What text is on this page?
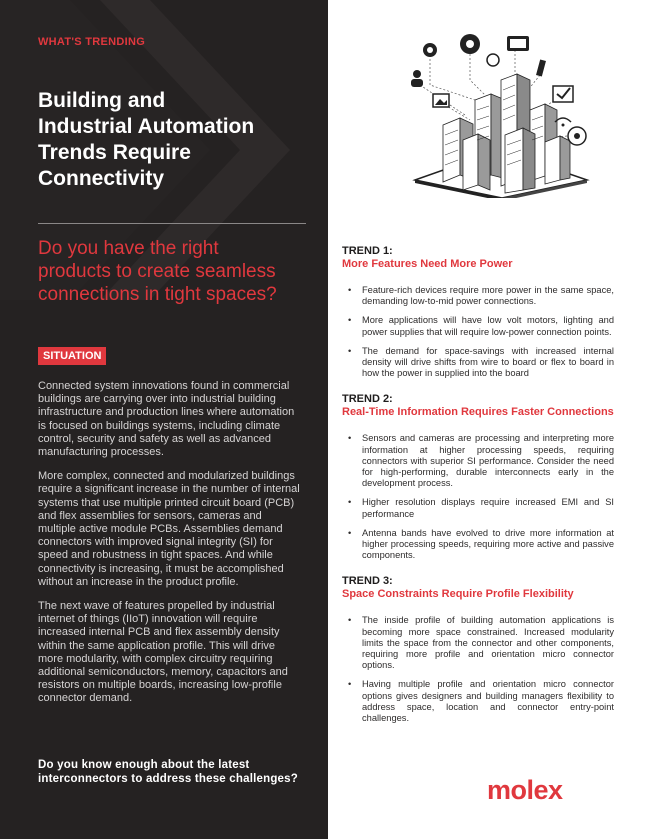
WHAT'S TRENDING
Building and
Industrial Automation
Trends Require
Connectivity
Do you have the right
products to create seamless
connections in tight spaces?
SITUATION

Connected system innovations found in commercial buildings are carrying over into industrial building infrastructure and production lines where automation is focused on buildings systems, including climate control, security and safety as well as advanced manufacturing processes.

More complex, connected and modularized buildings require a significant increase in the number of internal systems that use multiple printed circuit board (PCB) and flex assemblies for sensors, cameras and multiple active module PCBs. Assemblies demand connectors with improved signal integrity (SI) for speed and robustness in tight spaces. And while connectivity is increasing, it must be accomplished without an increase in the product profile.

The next wave of features propelled by industrial internet of things (IIoT) innovation will require increased internal PCB and flex assembly density within the same application profile. This will drive more modularity, with complex circuitry requiring additional semiconductors, memory, capacitors and resistors on multiple boards, increasing low-profile connector demand.

Do you know enough about the latest interconnectors to address these challenges?
TREND 1:
More Features Need More Power
• Feature-rich devices require more power in the same space, demanding low-to-mid power connections.
• More applications will have low volt motors, lighting and power supplies that will require low-power connection points.
• The demand for space-savings with increased internal density will drive shifts from wire to board or flex to board in how the power in supplied into the board
TREND 2:
Real-Time Information Requires Faster Connections
• Sensors and cameras are processing and interpreting more information at higher processing speeds, requiring connectors with superior SI performance. Consider the need for high-performing, durable interconnects early in the development process.
• Higher resolution displays require increased EMI and SI performance
• Antenna bands have evolved to drive more information at higher processing speeds, requiring more active and passive components.
TREND 3:
Space Constraints Require Profile Flexibility
• The inside profile of building automation applications is becoming more space constrained. Increased modularity limits the space from the connector and other components, requiring more profile and orientation micro connector options.
• Having multiple profile and orientation micro connector options gives designers and building managers flexibility to address space, location and connector entry-point challenges.
molex
